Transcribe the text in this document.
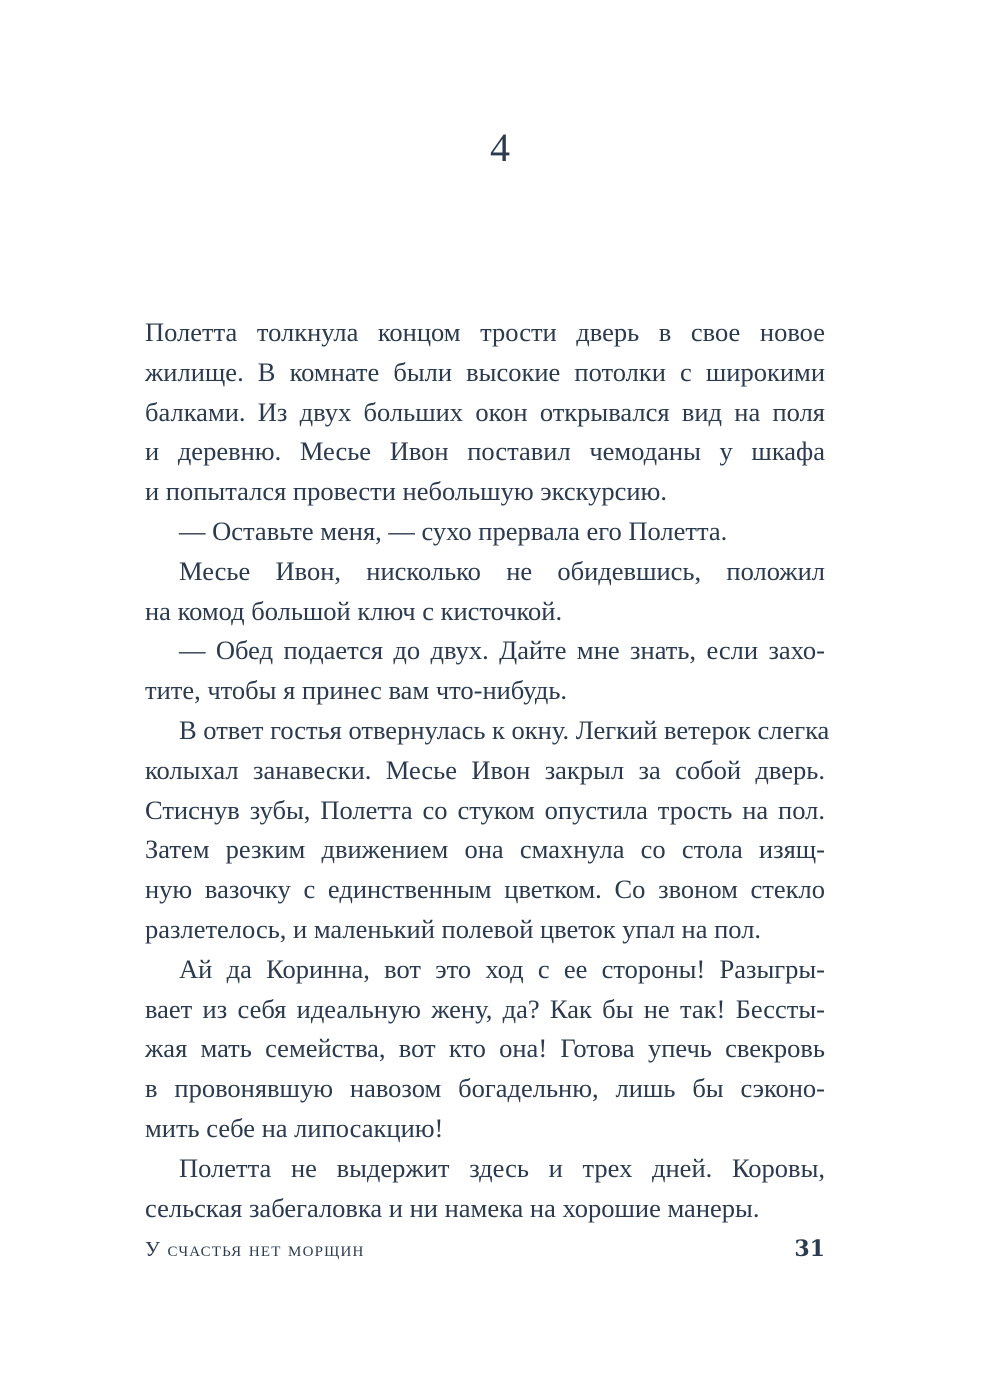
4
Полетта толкнула концом трости дверь в свое новое
жилище. В комнате были высокие потолки с широкими
балками. Из двух больших окон открывался вид на поля
и деревню. Месье Ивон поставил чемоданы у шкафа
и попытался провести небольшую экскурсию.
— Оставьте меня, — сухо прервала его Полетта.
Месье Ивон, нисколько не обидевшись, положил
на комод большой ключ с кисточкой.
— Обед подается до двух. Дайте мне знать, если захо-
тите, чтобы я принес вам что-нибудь.
В ответ гостья отвернулась к окну. Легкий ветерок слегка
колыхал занавески. Месье Ивон закрыл за собой дверь.
Стиснув зубы, Полетта со стуком опустила трость на пол.
Затем резким движением она смахнула со стола изящ-
ную вазочку с единственным цветком. Со звоном стекло
разлетелось, и маленький полевой цветок упал на пол.
Ай да Коринна, вот это ход с ее стороны! Разыгры-
вает из себя идеальную жену, да? Как бы не так! Бессты-
жая мать семейства, вот кто она! Готова упечь свекровь
в провонявшую навозом богадельню, лишь бы сэконо-
мить себе на липосакцию!
Полетта не выдержит здесь и трех дней. Коровы,
сельская забегаловка и ни намека на хорошие манеры.
У счастья нет морщин	31
